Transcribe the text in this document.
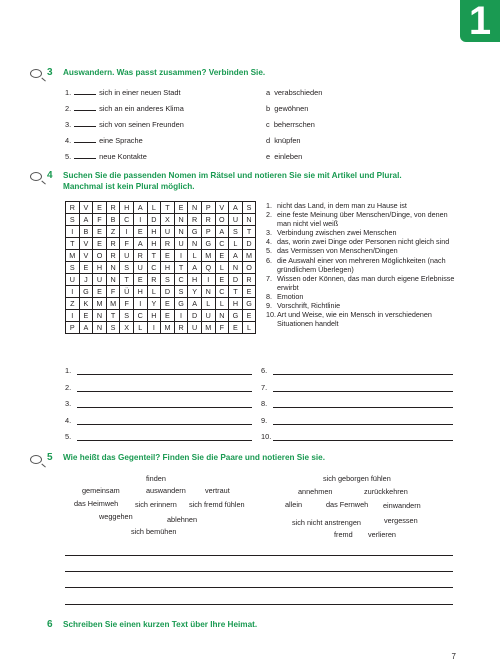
1
3 Auswandern. Was passt zusammen? Verbinden Sie.
1.	sich in einer neuen Stadt
2.	sich an ein anderes Klima
3.	sich von seinen Freunden
4.	eine Sprache
5.	neue Kontakte
a verabschieden
b gewöhnen
c beherrschen
d knüpfen
e einleben
4 Suchen Sie die passenden Nomen im Rätsel und notieren Sie sie mit Artikel und Plural. Manchmal ist kein Plural möglich.
R	V	E	R	H	A	L	T	E	N	P	V	A	S
S	A	F	B	C	I	D	X	N	R	R	O	U	N
I	B	E	Z	I	E	H	U	N	G	P	A	S	T
T	V	E	R	F	A	H	R	U	N	G	C	L	D
M	V	O	R	U	R	T	E	I	L	M	E	A	M
S	E	H	N	S	U	C	H	T	A	Q	L	N	O
U	J	U	N	T	E	R	S	C	H	I	E	D	R
I	G	E	F	Ü	H	L	D	S	Y	N	C	T	E
Z	K	M	M	F	I	Y	E	G	A	L	L	H	G
I	E	N	T	S	C	H	E	I	D	U	N	G	E
P	A	N	S	X	L	I	M	R	U	M	F	E	L
1. nicht das Land, in dem man zu Hause ist
2. eine feste Meinung über Menschen/Dinge, von denen man nicht viel weiß
3. Verbindung zwischen zwei Menschen
4. das, worin zwei Dinge oder Personen nicht gleich sind
5. das Vermissen von Menschen/Dingen
6. die Auswahl einer von mehreren Möglichkeiten (nach gründlichem Überlegen)
7. Wissen oder Können, das man durch eigene Erlebnisse erwirbt
8. Emotion
9. Vorschrift, Richtlinie
10. Art und Weise, wie ein Mensch in verschiedenen Situationen handelt
1.
2.
3.
4.
5.
6.
7.
8.
9.
10.
5 Wie heißt das Gegenteil? Finden Sie die Paare und notieren Sie sie.
finden
gemeinsam	auswandern	vertraut
das Heimweh sich erinnern sich fremd fühlen
weggehen	ablehnen
sich bemühen
sich geborgen fühlen
annehmen	zurückkehren
allein	das Fernweh einwandern
sich nicht anstrengen	vergessen
fremd verlieren
6 Schreiben Sie einen kurzen Text über Ihre Heimat.
7
